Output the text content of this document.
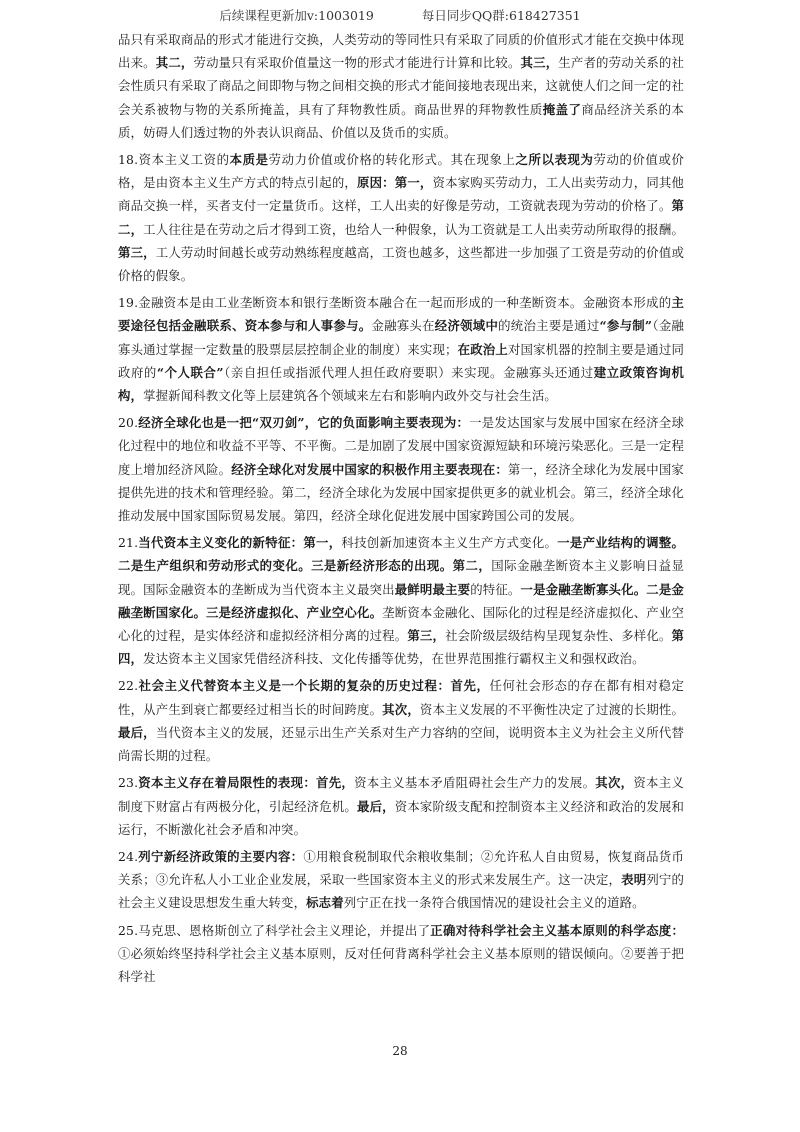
后续课程更新加v:1003019	每日同步QQ群:618427351

品只有采取商品的形式才能进行交换，人类劳动的等同性只有采取了同质的价值形式才能在交换中体现出来。其二，劳动量只有采取价值量这一物的形式才能进行计算和比较。其三，生产者的劳动关系的社会性质只有采取了商品之间即物与物之间相交换的形式才能间接地表现出来，这就使人们之间一定的社会关系被物与物的关系所掩盖，具有了拜物教性质。商品世界的拜物教性质掩盖了商品经济关系的本质，妨碍人们透过物的外表认识商品、价值以及货币的实质。

18.资本主义工资的本质是劳动力价值或价格的转化形式。其在现象上之所以表现为劳动的价值或价格，是由资本主义生产方式的特点引起的，原因：第一，资本家购买劳动力，工人出卖劳动力，同其他商品交换一样，买者支付一定量货币。这样，工人出卖的好像是劳动，工资就表现为劳动的价格了。第二，工人往往是在劳动之后才得到工资，也给人一种假象，认为工资就是工人出卖劳动所取得的报酬。第三，工人劳动时间越长或劳动熟练程度越高，工资也越多，这些都进一步加强了工资是劳动的价值或价格的假象。

19.金融资本是由工业垄断资本和银行垄断资本融合在一起而形成的一种垄断资本。金融资本形成的主要途径包括金融联系、资本参与和人事参与。金融寡头在经济领域中的统治主要是通过“参与制”（金融寡头通过掌握一定数量的股票层层控制企业的制度）来实现；在政治上对国家机器的控制主要是通过同政府的“个人联合”（亲自担任或指派代理人担任政府要职）来实现。金融寡头还通过建立政策咨询机构，掌握新闻科教文化等上层建筑各个领域来左右和影响内政外交与社会生活。

20.经济全球化也是一把“双刃剑”，它的负面影响主要表现为：一是发达国家与发展中国家在经济全球化过程中的地位和收益不平等、不平衡。二是加剧了发展中国家资源短缺和环境污染恶化。三是一定程度上增加经济风险。经济全球化对发展中国家的积极作用主要表现在：第一，经济全球化为发展中国家提供先进的技术和管理经验。第二，经济全球化为发展中国家提供更多的就业机会。第三，经济全球化推动发展中国家国际贸易发展。第四，经济全球化促进发展中国家跨国公司的发展。

21.当代资本主义变化的新特征：第一，科技创新加速资本主义生产方式变化。一是产业结构的调整。二是生产组织和劳动形式的变化。三是新经济形态的出现。第二，国际金融垄断资本主义影响日益显现。国际金融资本的垄断成为当代资本主义最突出最鲜明最主要的特征。一是金融垄断寡头化。二是金融垄断国家化。三是经济虚拟化、产业空心化。垄断资本金融化、国际化的过程是经济虚拟化、产业空心化的过程，是实体经济和虚拟经济相分离的过程。第三，社会阶级层级结构呈现复杂性、多样化。第四，发达资本主义国家凭借经济科技、文化传播等优势，在世界范围推行霸权主义和强权政治。

22.社会主义代替资本主义是一个长期的复杂的历史过程：首先，任何社会形态的存在都有相对稳定性，从产生到衰亡都要经过相当长的时间跨度。其次，资本主义发展的不平衡性决定了过渡的长期性。最后，当代资本主义的发展，还显示出生产关系对生产力容纳的空间，说明资本主义为社会主义所代替尚需长期的过程。

23.资本主义存在着局限性的表现：首先，资本主义基本矛盾阻碍社会生产力的发展。其次，资本主义制度下财富占有两极分化，引起经济危机。最后，资本家阶级支配和控制资本主义经济和政治的发展和运行，不断激化社会矛盾和冲突。

24.列宁新经济政策的主要内容：①用粮食税制取代余粮收集制；②允许私人自由贸易，恢复商品货币关系；③允许私人小工业企业发展，采取一些国家资本主义的形式来发展生产。这一决定，表明列宁的社会主义建设思想发生重大转变，标志着列宁正在找一条符合俄国情况的建设社会主义的道路。

25.马克思、恩格斯创立了科学社会主义理论，并提出了正确对待科学社会主义基本原则的科学态度：①必须始终坚持科学社会主义基本原则，反对任何背离科学社会主义基本原则的错误倾向。②要善于把科学社

28
